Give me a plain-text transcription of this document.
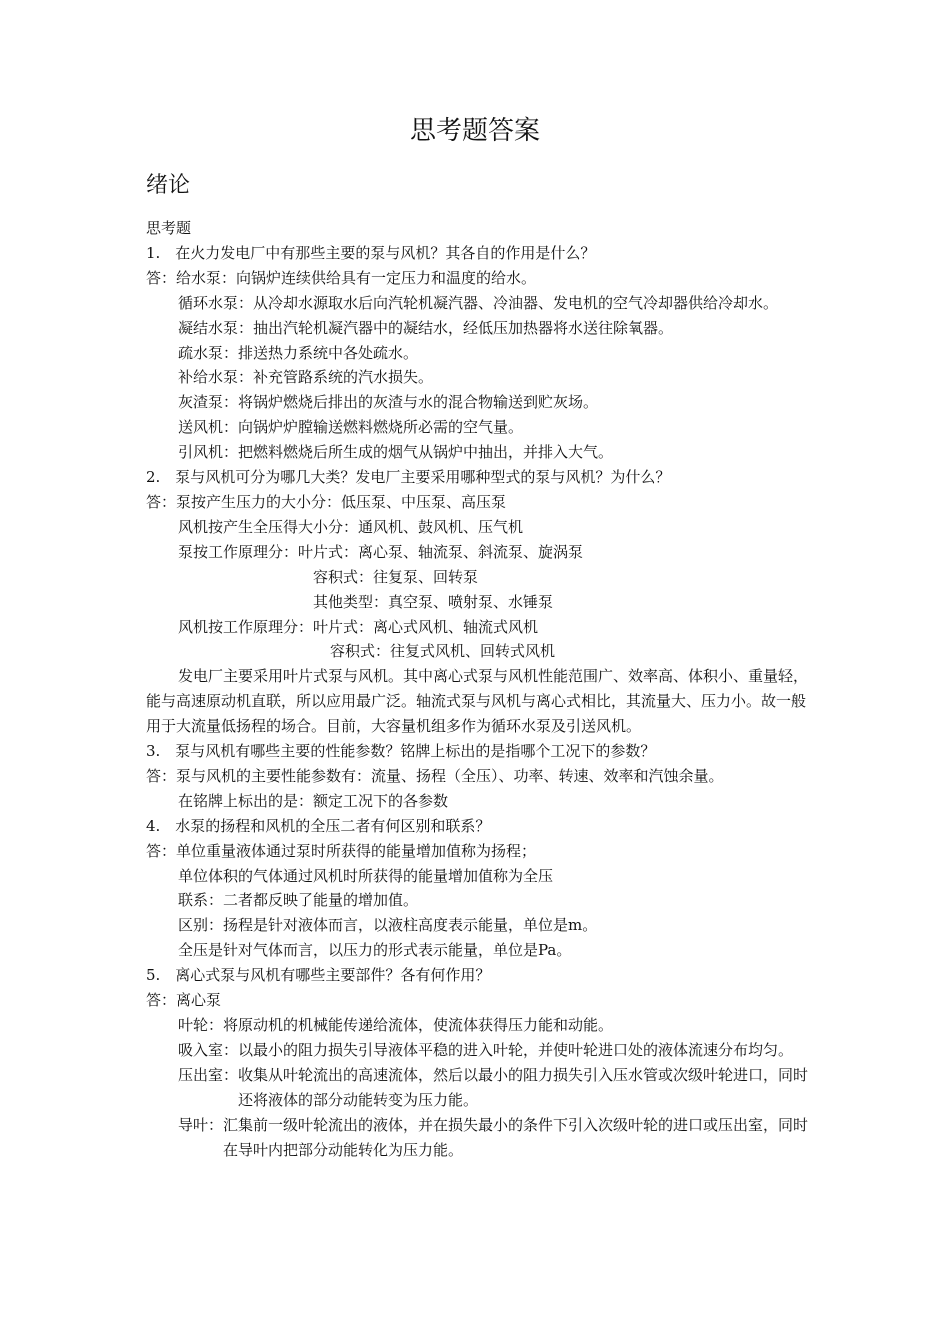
思考题答案
绪论
思考题
1.　在火力发电厂中有那些主要的泵与风机？其各自的作用是什么？
答：给水泵：向锅炉连续供给具有一定压力和温度的给水。
循环水泵：从冷却水源取水后向汽轮机凝汽器、冷油器、发电机的空气冷却器供给冷却水。
凝结水泵：抽出汽轮机凝汽器中的凝结水，经低压加热器将水送往除氧器。
疏水泵：排送热力系统中各处疏水。
补给水泵：补充管路系统的汽水损失。
灰渣泵：将锅炉燃烧后排出的灰渣与水的混合物输送到贮灰场。
送风机：向锅炉炉膛输送燃料燃烧所必需的空气量。
引风机：把燃料燃烧后所生成的烟气从锅炉中抽出，并排入大气。
2.　泵与风机可分为哪几大类？发电厂主要采用哪种型式的泵与风机？为什么？
答：泵按产生压力的大小分：低压泵、中压泵、高压泵
风机按产生全压得大小分：通风机、鼓风机、压气机
泵按工作原理分：叶片式：离心泵、轴流泵、斜流泵、旋涡泵
容积式：往复泵、回转泵
其他类型：真空泵、喷射泵、水锤泵
风机按工作原理分：叶片式：离心式风机、轴流式风机
容积式：往复式风机、回转式风机
发电厂主要采用叶片式泵与风机。其中离心式泵与风机性能范围广、效率高、体积小、重量轻，能与高速原动机直联，所以应用最广泛。轴流式泵与风机与离心式相比，其流量大、压力小。故一般用于大流量低扬程的场合。目前，大容量机组多作为循环水泵及引送风机。
3.　泵与风机有哪些主要的性能参数？铭牌上标出的是指哪个工况下的参数？
答：泵与风机的主要性能参数有：流量、扬程（全压）、功率、转速、效率和汽蚀余量。
在铭牌上标出的是：额定工况下的各参数
4.　水泵的扬程和风机的全压二者有何区别和联系？
答：单位重量液体通过泵时所获得的能量增加值称为扬程；
单位体积的气体通过风机时所获得的能量增加值称为全压
联系：二者都反映了能量的增加值。
区别：扬程是针对液体而言，以液柱高度表示能量，单位是m。
全压是针对气体而言，以压力的形式表示能量，单位是Pa。
5.　离心式泵与风机有哪些主要部件？各有何作用？
答：离心泵
叶轮：将原动机的机械能传递给流体，使流体获得压力能和动能。
吸入室： 以最小的阻力损失引导液体平稳的进入叶轮，并使叶轮进口处的液体流速分布均匀。
压出室： 收集从叶轮流出的高速流体，然后以最小的阻力损失引入压水管或次级叶轮进口，同时还将液体的部分动能转变为压力能。
导叶： 汇集前一级叶轮流出的液体，并在损失最小的条件下引入次级叶轮的进口或压出室，同时在导叶内把部分动能转化为压力能。
